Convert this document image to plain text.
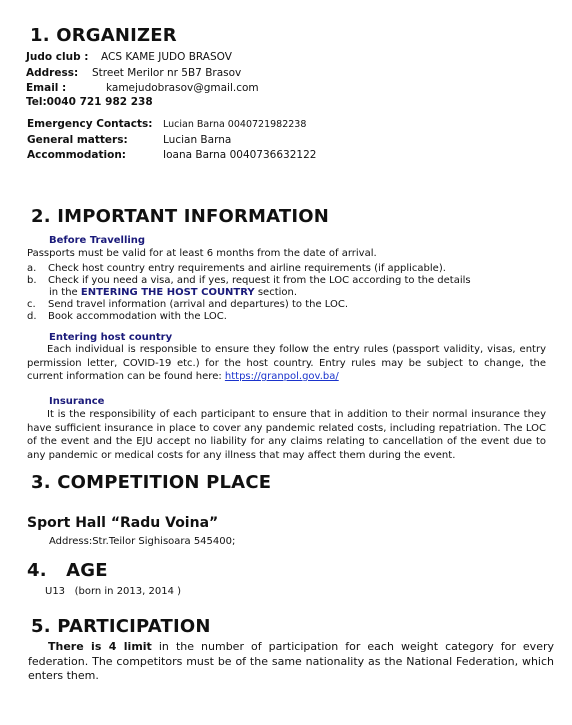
1. ORGANIZER
Judo club : ACS KAME JUDO BRASOV
Address: Street Merilor nr 5B7 Brasov
Email :	kamejudobrasov@gmail.com
Tel:0040 721 982 238
Emergency Contacts: Lucian Barna 0040721982238
General matters:	Lucian Barna
Accommodation:	Ioana Barna 0040736632122
2. IMPORTANT INFORMATION
Before Travelling
Passports must be valid for at least 6 months from the date of arrival.
a. Check host country entry requirements and airline requirements (if applicable).
b. Check if you need a visa, and if yes, request it from the LOC according to the details
in the ENTERING THE HOST COUNTRY section.
c. Send travel information (arrival and departures) to the LOC.
d. Book accommodation with the LOC.
Entering host country
Each individual is responsible to ensure they follow the entry rules (passport validity, visas, entry permission letter, COVID-19 etc.) for the host country. Entry rules may be subject to change, the current information can be found here: https://granpol.gov.ba/
Insurance
It is the responsibility of each participant to ensure that in addition to their normal insurance they have sufficient insurance in place to cover any pandemic related costs, including repatriation. The LOC of the event and the EJU accept no liability for any claims relating to cancellation of the event due to any pandemic or medical costs for any illness that may affect them during the event.
3. COMPETITION PLACE
Sport Hall “Radu Voina”
Address:Str.Teilor Sighisoara 545400;
4.   AGE
U13   (born in 2013, 2014 )
5. PARTICIPATION
There is 4 limit in the number of participation for each weight category for every federation. The competitors must be of the same nationality as the National Federation, which enters them.
